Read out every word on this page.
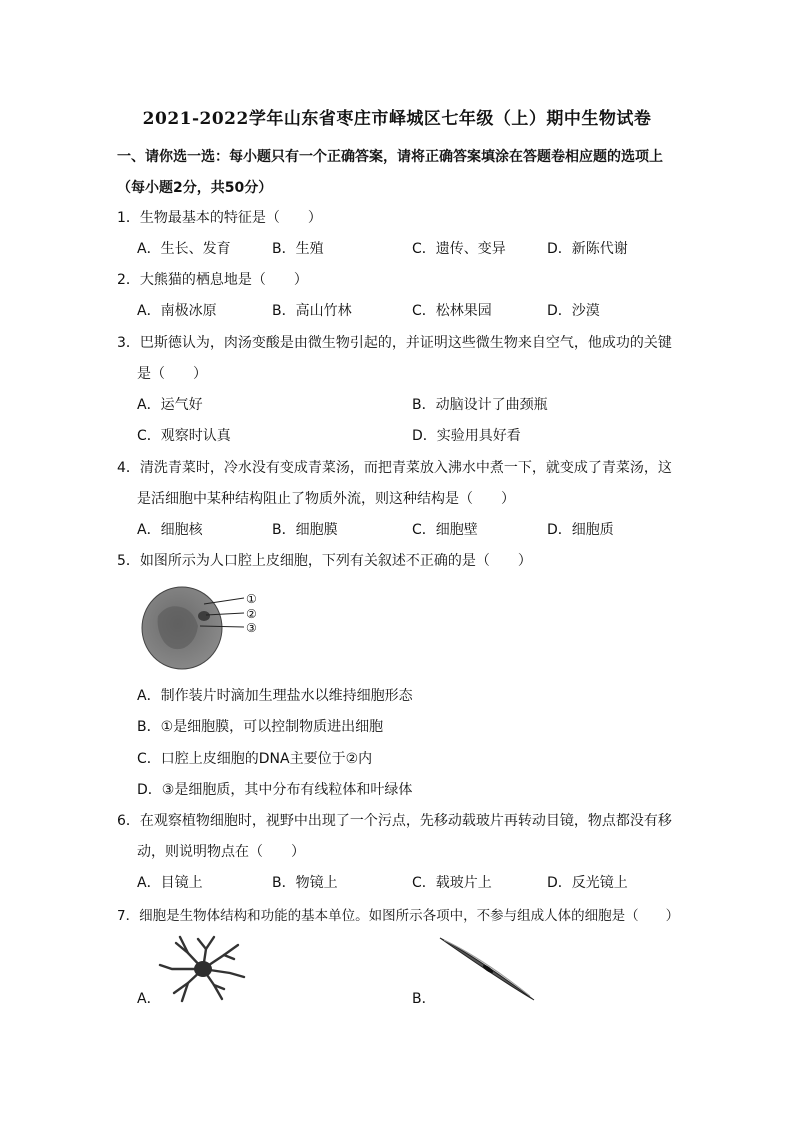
2021-2022学年山东省枣庄市峄城区七年级（上）期中生物试卷
一、请你选一选：每小题只有一个正确答案，请将正确答案填涂在答题卷相应题的选项上
（每小题2分，共50分）
1．生物最基本的特征是（　　）
A．生长、发育	B．生殖	C．遗传、变异	D．新陈代谢
2．大熊猫的栖息地是（　　）
A．南极冰原	B．高山竹林	C．松林果园	D．沙漠
3．巴斯德认为，肉汤变酸是由微生物引起的，并证明这些微生物来自空气，他成功的关键
是（　　）
A．运气好	B．动脑设计了曲颈瓶
C．观察时认真	D．实验用具好看
4．清洗青菜时，冷水没有变成青菜汤，而把青菜放入沸水中煮一下，就变成了青菜汤，这
是活细胞中某种结构阻止了物质外流，则这种结构是（　　）
A．细胞核	B．细胞膜	C．细胞壁	D．细胞质
5．如图所示为人口腔上皮细胞，下列有关叙述不正确的是（　　）
①
②
③
A．制作装片时滴加生理盐水以维持细胞形态
B．①是细胞膜，可以控制物质进出细胞
C．口腔上皮细胞的DNA主要位于②内
D．③是细胞质，其中分布有线粒体和叶绿体
6．在观察植物细胞时，视野中出现了一个污点，先移动载玻片再转动目镜，物点都没有移
动，则说明物点在（　　）
A．目镜上	B．物镜上	C．载玻片上	D．反光镜上
7．细胞是生物体结构和功能的基本单位。如图所示各项中，不参与组成人体的细胞是（　　）
A．	B．
